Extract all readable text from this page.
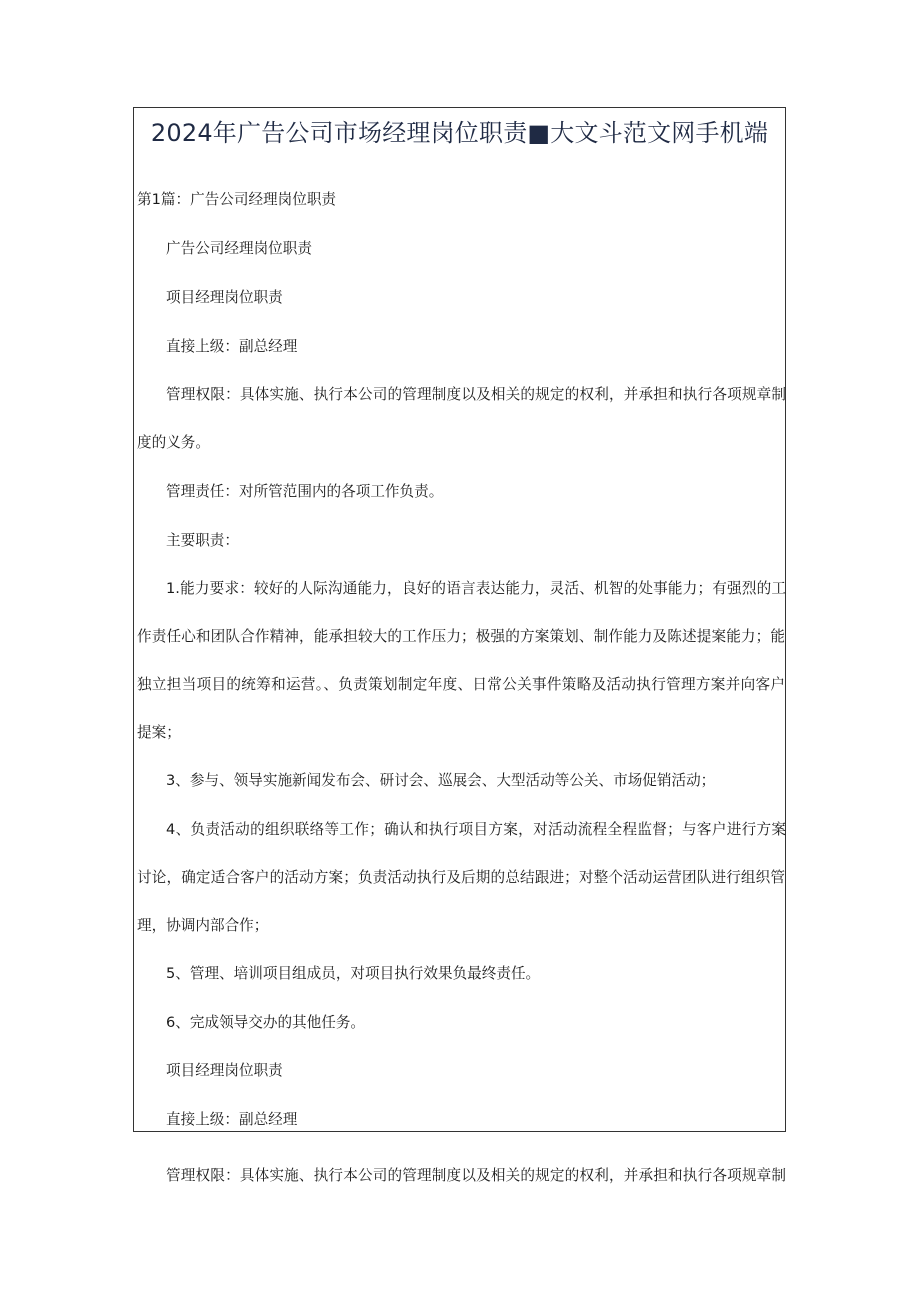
2024年广告公司市场经理岗位职责■大文斗范文网手机端
第1篇：广告公司经理岗位职责
广告公司经理岗位职责
项目经理岗位职责
直接上级：副总经理
管理权限：具体实施、执行本公司的管理制度以及相关的规定的权利，并承担和执行各项规章制
度的义务。
管理责任：对所管范围内的各项工作负责。
主要职责：
1.能力要求：较好的人际沟通能力，良好的语言表达能力，灵活、机智的处事能力；有强烈的工
作责任心和团队合作精神，能承担较大的工作压力；极强的方案策划、制作能力及陈述提案能力；能
独立担当项目的统筹和运营。、负责策划制定年度、日常公关事件策略及活动执行管理方案并向客户
提案；
3、参与、领导实施新闻发布会、研讨会、巡展会、大型活动等公关、市场促销活动；
4、负责活动的组织联络等工作；确认和执行项目方案，对活动流程全程监督；与客户进行方案
讨论，确定适合客户的活动方案；负责活动执行及后期的总结跟进；对整个活动运营团队进行组织管
理，协调内部合作；
5、管理、培训项目组成员，对项目执行效果负最终责任。
6、完成领导交办的其他任务。
项目经理岗位职责
直接上级：副总经理
管理权限：具体实施、执行本公司的管理制度以及相关的规定的权利，并承担和执行各项规章制
